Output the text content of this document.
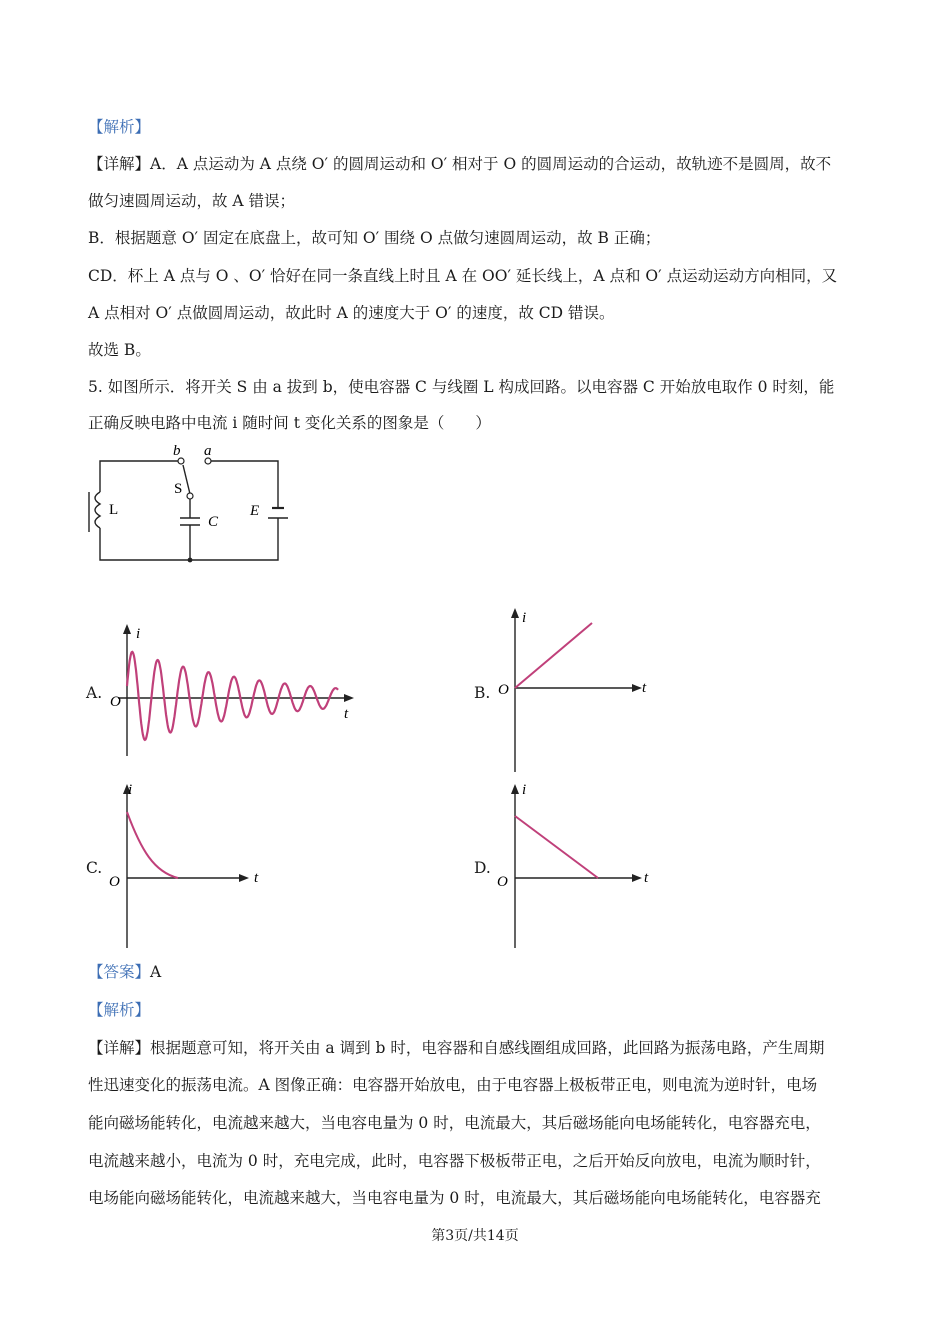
【解析】
【详解】A．A 点运动为 A 点绕 O′ 的圆周运动和 O′ 相对于 O 的圆周运动的合运动，故轨迹不是圆周，故不
做匀速圆周运动，故 A 错误；
B．根据题意 O′ 固定在底盘上，故可知 O′ 围绕 O 点做匀速圆周运动，故 B 正确；
CD．杯上 A 点与 O 、O′ 恰好在同一条直线上时且 A 在 OO′ 延长线上，A 点和 O′ 点运动运动方向相同，又
A 点相对 O′ 点做圆周运动，故此时 A 的速度大于 O′ 的速度，故 CD 错误。
故选 B。
5. 如图所示．将开关 S 由 a 拔到 b，使电容器 C 与线圈 L 构成回路。以电容器 C 开始放电取作 0 时刻，能
正确反映电路中电流 i 随时间 t 变化关系的图象是（　　）
b a
S
L
C
E
A.
i
O
t
B.
i
O	t
C.
i
O	t
D.
i
O	t
【答案】A
【解析】
【详解】根据题意可知，将开关由 a 调到 b 时，电容器和自感线圈组成回路，此回路为振荡电路，产生周期
性迅速变化的振荡电流。A 图像正确：电容器开始放电，由于电容器上极板带正电，则电流为逆时针，电场
能向磁场能转化，电流越来越大，当电容电量为 0 时，电流最大，其后磁场能向电场能转化，电容器充电，
电流越来越小，电流为 0 时，充电完成，此时，电容器下极板带正电，之后开始反向放电，电流为顺时针，
电场能向磁场能转化，电流越来越大，当电容电量为 0 时，电流最大，其后磁场能向电场能转化，电容器充
第3页/共14页
